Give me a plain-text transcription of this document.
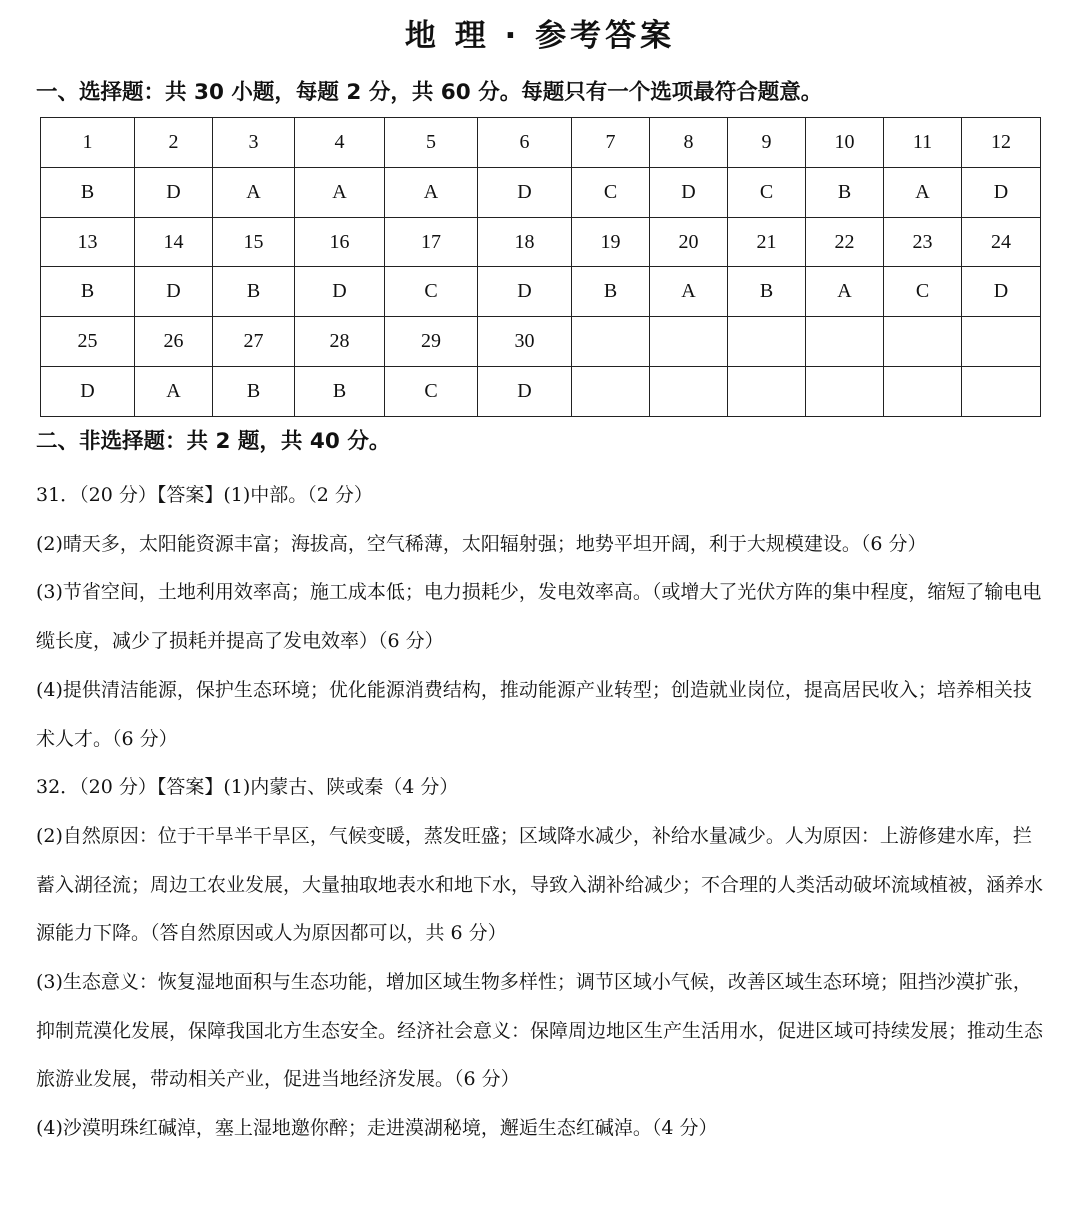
地 理 · 参考答案
一、选择题：共 30 小题，每题 2 分，共 60 分。每题只有一个选项最符合题意。
1	2	3	4	5	6	7	8	9	10	11	12
B	D	A	A	A	D	C	D	C	B	A	D
13	14	15	16	17	18	19	20	21	22	23	24
B	D	B	D	C	D	B	A	B	A	C	D
25	26	27	28	29	30						
D	A	B	B	C	D						
二、非选择题：共 2 题，共 40 分。

31．（20 分）【答案】(1)中部。（2 分）

(2)晴天多，太阳能资源丰富；海拔高，空气稀薄，太阳辐射强；地势平坦开阔，利于大规模建设。（6 分）

(3)节省空间，土地利用效率高；施工成本低；电力损耗少，发电效率高。（或增大了光伏方阵的集中程度，缩短了输电电缆长度，减少了损耗并提高了发电效率）（6 分）

(4)提供清洁能源，保护生态环境；优化能源消费结构，推动能源产业转型；创造就业岗位，提高居民收入；培养相关技术人才。（6 分）

32．（20 分）【答案】(1)内蒙古、陕或秦（4 分）

(2)自然原因：位于干旱半干旱区，气候变暖，蒸发旺盛；区域降水减少，补给水量减少。人为原因：上游修建水库，拦蓄入湖径流；周边工农业发展，大量抽取地表水和地下水，导致入湖补给减少；不合理的人类活动破坏流域植被，涵养水源能力下降。（答自然原因或人为原因都可以，共 6 分）

(3)生态意义：恢复湿地面积与生态功能，增加区域生物多样性；调节区域小气候，改善区域生态环境；阻挡沙漠扩张，抑制荒漠化发展，保障我国北方生态安全。经济社会意义：保障周边地区生产生活用水，促进区域可持续发展；推动生态旅游业发展，带动相关产业，促进当地经济发展。（6 分）

(4)沙漠明珠红碱淖，塞上湿地邀你醉；走进漠湖秘境，邂逅生态红碱淖。（4 分）
